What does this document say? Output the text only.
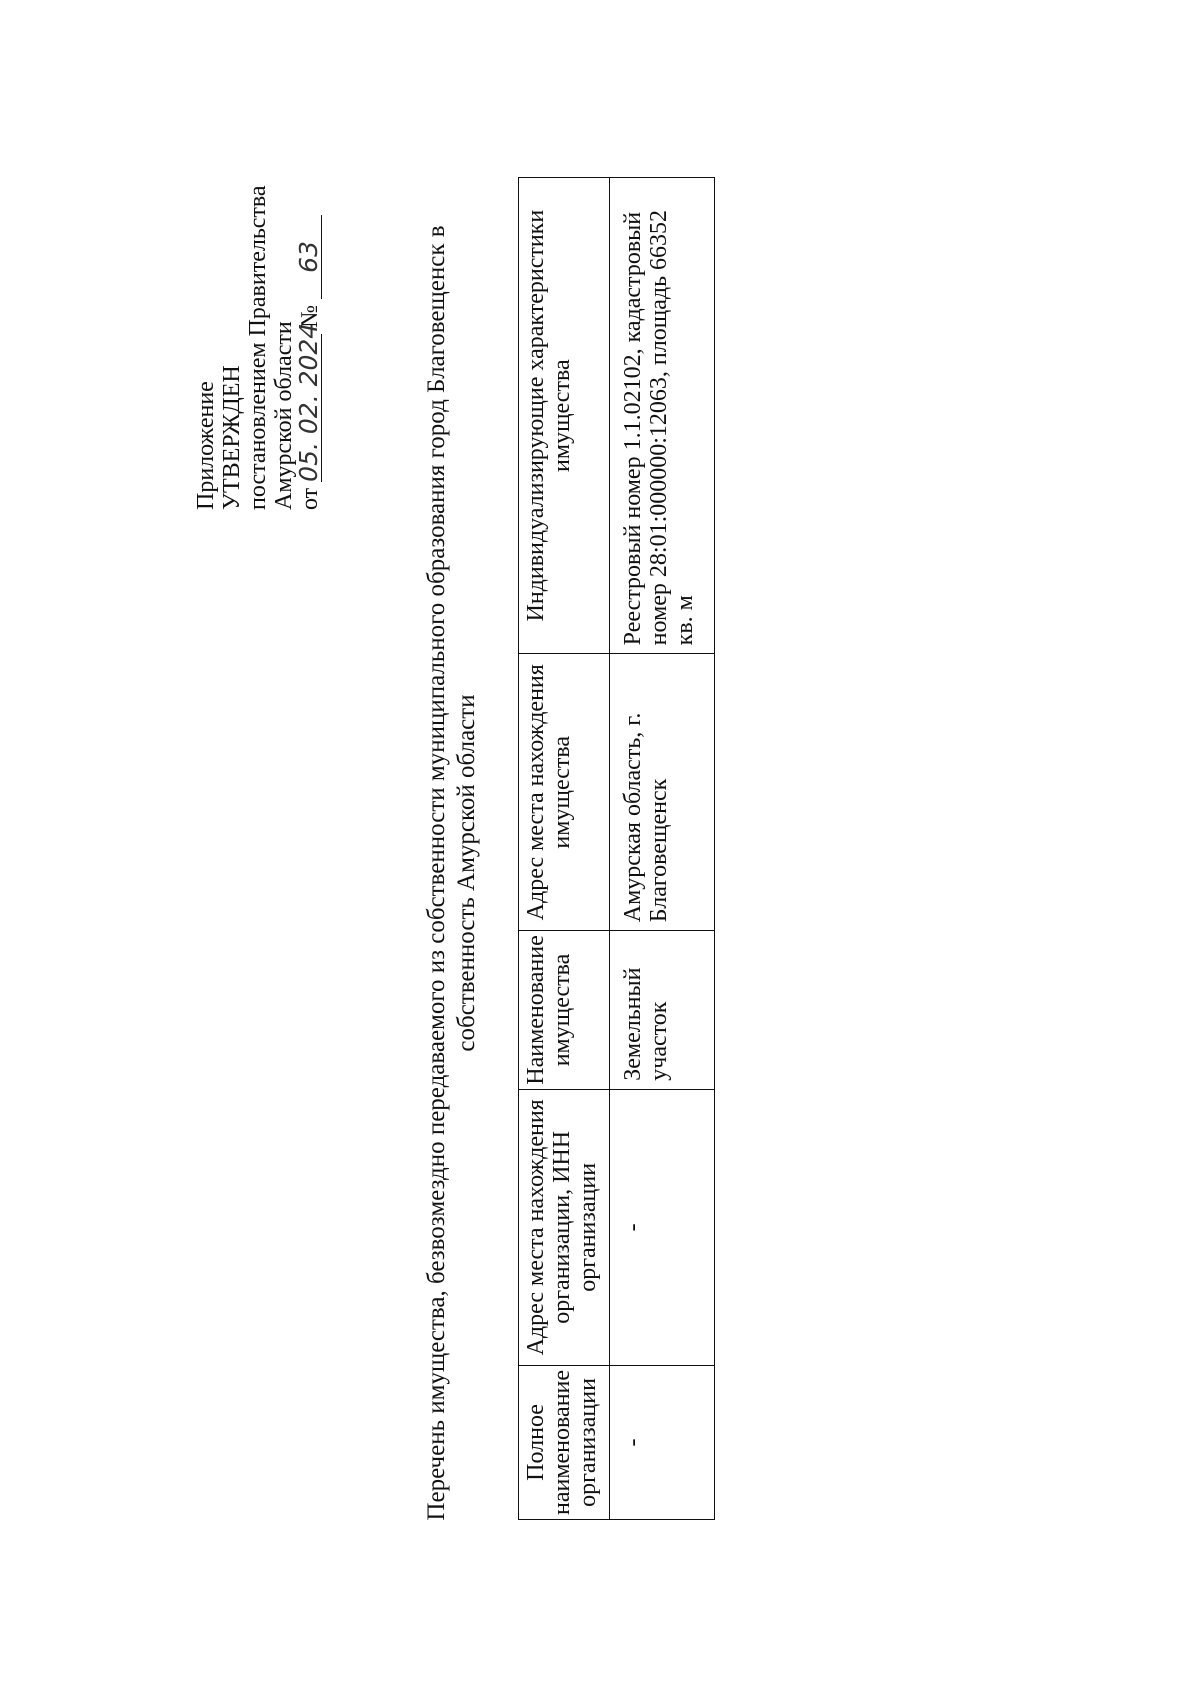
Приложение УТВЕРЖДЕН постановлением Правительства Амурской области от 05. 02. 2024 № 63	Перечень имущества, безвозмездно передаваемого из собственности муниципального образования город Благовещенск в собственность Амурской области
Полное наименование организации	Адрес места нахождения организации, ИНН организации	Наименование имущества	Адрес места нахождения имущества	Индивидуализирующие характеристики имущества
-	-	Земельный участок	Амурская область, г. Благовещенск	Реестровый номер 1.1.02102, кадастровый номер 28:01:000000:12063, площадь 66352 кв. м
